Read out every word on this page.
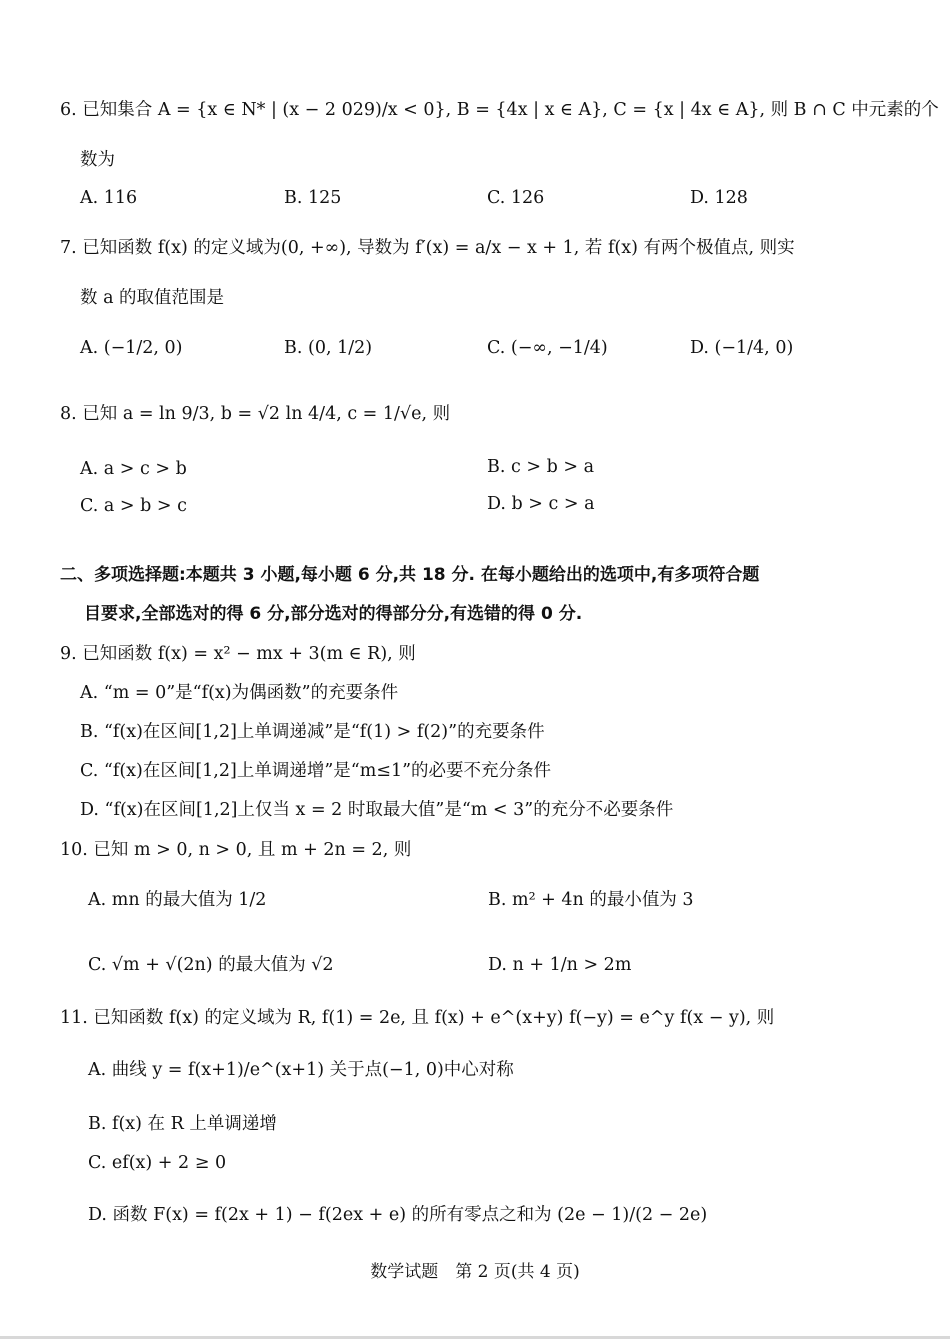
6. 已知集合 A = {x ∈ N* | (x − 2 029)/x < 0}, B = {4x | x ∈ A}, C = {x | 4x ∈ A}, 则 B ∩ C 中元素的个
数为
A. 116	B. 125	C. 126	D. 128
7. 已知函数 f(x) 的定义域为(0, +∞), 导数为 f′(x) = a/x − x + 1, 若 f(x) 有两个极值点, 则实
数 a 的取值范围是
A. (−1/2, 0)	B. (0, 1/2)	C. (−∞, −1/4)	D. (−1/4, 0)
8. 已知 a = ln 9/3, b = √2 ln 4/4, c = 1/√e, 则
A. a > c > b	B. c > b > a
C. a > b > c	D. b > c > a
二、多项选择题:本题共 3 小题,每小题 6 分,共 18 分. 在每小题给出的选项中,有多项符合题
目要求,全部选对的得 6 分,部分选对的得部分分,有选错的得 0 分.
9. 已知函数 f(x) = x² − mx + 3(m ∈ R), 则
A. “m = 0”是“f(x)为偶函数”的充要条件
B. “f(x)在区间[1,2]上单调递减”是“f(1) > f(2)”的充要条件
C. “f(x)在区间[1,2]上单调递增”是“m≤1”的必要不充分条件
D. “f(x)在区间[1,2]上仅当 x = 2 时取最大值”是“m < 3”的充分不必要条件
10. 已知 m > 0, n > 0, 且 m + 2n = 2, 则
A. mn 的最大值为 1/2	B. m² + 4n 的最小值为 3
C. √m + √(2n) 的最大值为 √2	D. n + 1/n > 2m
11. 已知函数 f(x) 的定义域为 R, f(1) = 2e, 且 f(x) + e^(x+y) f(−y) = e^y f(x − y), 则
A. 曲线 y = f(x+1)/e^(x+1) 关于点(−1, 0)中心对称
B. f(x) 在 R 上单调递增
C. ef(x) + 2 ≥ 0
D. 函数 F(x) = f(2x + 1) − f(2ex + e) 的所有零点之和为 (2e − 1)/(2 − 2e)
数学试题　第 2 页(共 4 页)
